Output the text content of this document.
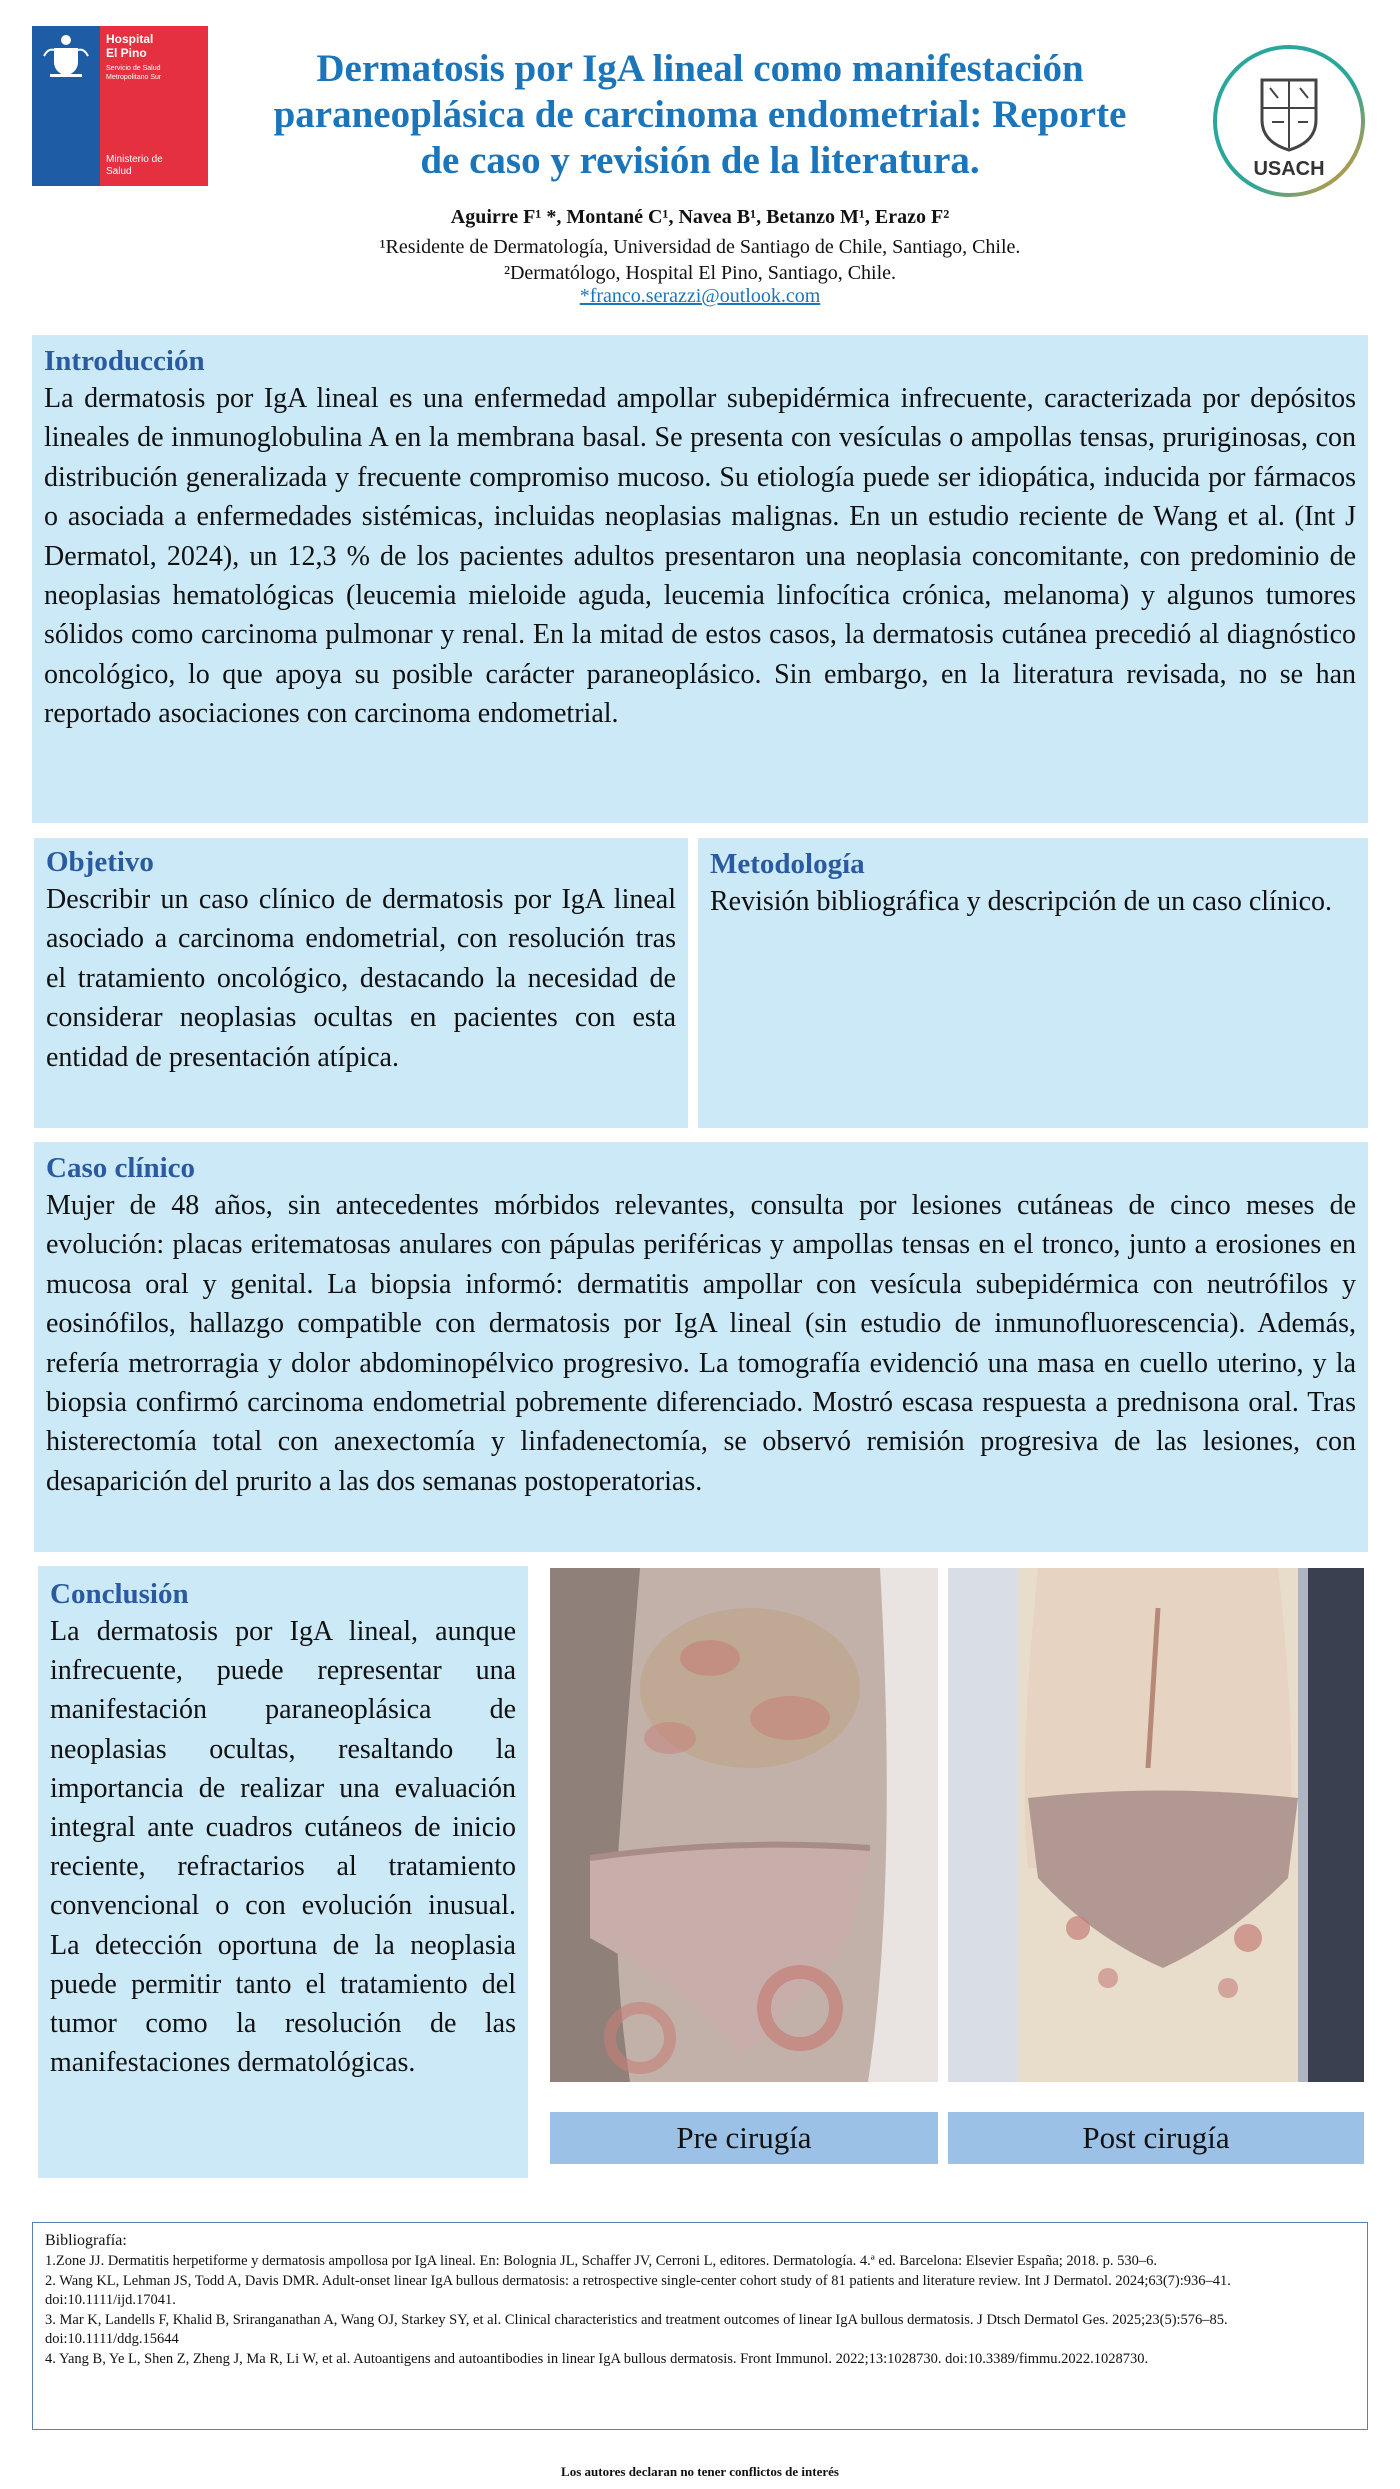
Hospital
El Pino
Servicio de Salud
Metropolitano Sur
Ministerio de
Salud
Dermatosis por IgA lineal como manifestación
paraneoplásica de carcinoma endometrial: Reporte
de caso y revisión de la literatura.	USACH
Aguirre F¹ *, Montané C¹, Navea B¹, Betanzo M¹, Erazo F²
¹Residente de Dermatología, Universidad de Santiago de Chile, Santiago, Chile.
²Dermatólogo, Hospital El Pino, Santiago, Chile.
*franco.serazzi@outlook.com
Introducción

La dermatosis por IgA lineal es una enfermedad ampollar subepidérmica infrecuente, caracterizada por depósitos lineales de inmunoglobulina A en la membrana basal. Se presenta con vesículas o ampollas tensas, pruriginosas, con distribución generalizada y frecuente compromiso mucoso. Su etiología puede ser idiopática, inducida por fármacos o asociada a enfermedades sistémicas, incluidas neoplasias malignas. En un estudio reciente de Wang et al. (Int J Dermatol, 2024), un 12,3 % de los pacientes adultos presentaron una neoplasia concomitante, con predominio de neoplasias hematológicas (leucemia mieloide aguda, leucemia linfocítica crónica, melanoma) y algunos tumores sólidos como carcinoma pulmonar y renal. En la mitad de estos casos, la dermatosis cutánea precedió al diagnóstico oncológico, lo que apoya su posible carácter paraneoplásico. Sin embargo, en la literatura revisada, no se han reportado asociaciones con carcinoma endometrial.

Objetivo

Describir un caso clínico de dermatosis por IgA lineal asociado a carcinoma endometrial, con resolución tras el tratamiento oncológico, destacando la necesidad de considerar neoplasias ocultas en pacientes con esta entidad de presentación atípica.

Metodología

Revisión bibliográfica y descripción de un caso clínico.

Caso clínico

Mujer de 48 años, sin antecedentes mórbidos relevantes, consulta por lesiones cutáneas de cinco meses de evolución: placas eritematosas anulares con pápulas periféricas y ampollas tensas en el tronco, junto a erosiones en mucosa oral y genital. La biopsia informó: dermatitis ampollar con vesícula subepidérmica con neutrófilos y eosinófilos, hallazgo compatible con dermatosis por IgA lineal (sin estudio de inmunofluorescencia). Además, refería metrorragia y dolor abdominopélvico progresivo. La tomografía evidenció una masa en cuello uterino, y la biopsia confirmó carcinoma endometrial pobremente diferenciado. Mostró escasa respuesta a prednisona oral. Tras histerectomía total con anexectomía y linfadenectomía, se observó remisión progresiva de las lesiones, con desaparición del prurito a las dos semanas postoperatorias.

Conclusión

La dermatosis por IgA lineal, aunque infrecuente, puede representar una manifestación paraneoplásica de neoplasias ocultas, resaltando la importancia de realizar una evaluación integral ante cuadros cutáneos de inicio reciente, refractarios al tratamiento convencional o con evolución inusual. La detección oportuna de la neoplasia puede permitir tanto el tratamiento del tumor como la resolución de las manifestaciones dermatológicas.

Pre cirugía	Post cirugía
Bibliografía:
1.Zone JJ. Dermatitis herpetiforme y dermatosis ampollosa por IgA lineal. En: Bolognia JL, Schaffer JV, Cerroni L, editores. Dermatología. 4.ª ed. Barcelona: Elsevier España; 2018. p. 530–6.
2. Wang KL, Lehman JS, Todd A, Davis DMR. Adult-onset linear IgA bullous dermatosis: a retrospective single-center cohort study of 81 patients and literature review. Int J Dermatol. 2024;63(7):936–41. doi:10.1111/ijd.17041.
3. Mar K, Landells F, Khalid B, Sriranganathan A, Wang OJ, Starkey SY, et al. Clinical characteristics and treatment outcomes of linear IgA bullous dermatosis. J Dtsch Dermatol Ges. 2025;23(5):576–85. doi:10.1111/ddg.15644
4. Yang B, Ye L, Shen Z, Zheng J, Ma R, Li W, et al. Autoantigens and autoantibodies in linear IgA bullous dermatosis. Front Immunol. 2022;13:1028730. doi:10.3389/fimmu.2022.1028730.
Los autores declaran no tener conflictos de interés
